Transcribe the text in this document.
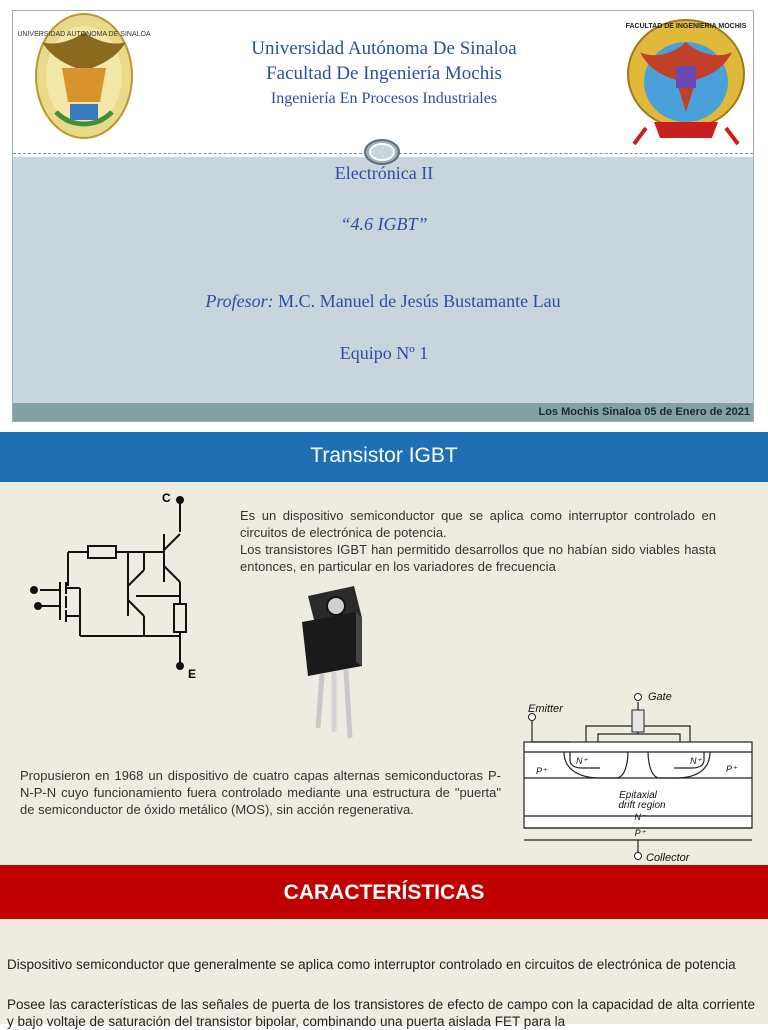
UNIVERSIDAD AUTONOMA DE SINALOA
FACULTAD DE INGENIERIA MOCHIS
Universidad Autónoma De Sinaloa
Facultad De Ingeniería Mochis
Ingeniería En Procesos Industriales
Electrónica II
“4.6 IGBT”
Profesor: M.C. Manuel de Jesús Bustamante Lau
Equipo Nº 1
Los Mochis Sinaloa 05 de Enero de 2021
Transistor IGBT
C
E
Es un dispositivo semiconductor que se aplica como interruptor controlado en circuitos de electrónica de potencia.
Los transistores IGBT han permitido desarrollos que no habían sido viables hasta entonces, en particular en los variadores de frecuencia
Gate
Emitter
Collector
P⁺	P⁺
N⁺	N⁺
Epitaxial
drift region
N⁻
P⁺
Propusieron en 1968 un dispositivo de cuatro capas alternas semiconductoras P-N-P-N cuyo funcionamiento fuera controlado mediante una estructura de "puerta" de semiconductor de óxido metálico (MOS), sin acción regenerativa.
CARACTERÍSTICAS
Dispositivo semiconductor que generalmente se aplica como interruptor controlado en circuitos de electrónica de potencia
Posee las características de las señales de puerta de los transistores de efecto de campo con la capacidad de alta corriente y bajo voltaje de saturación del transistor bipolar, combinando una puerta aislada FET para la
